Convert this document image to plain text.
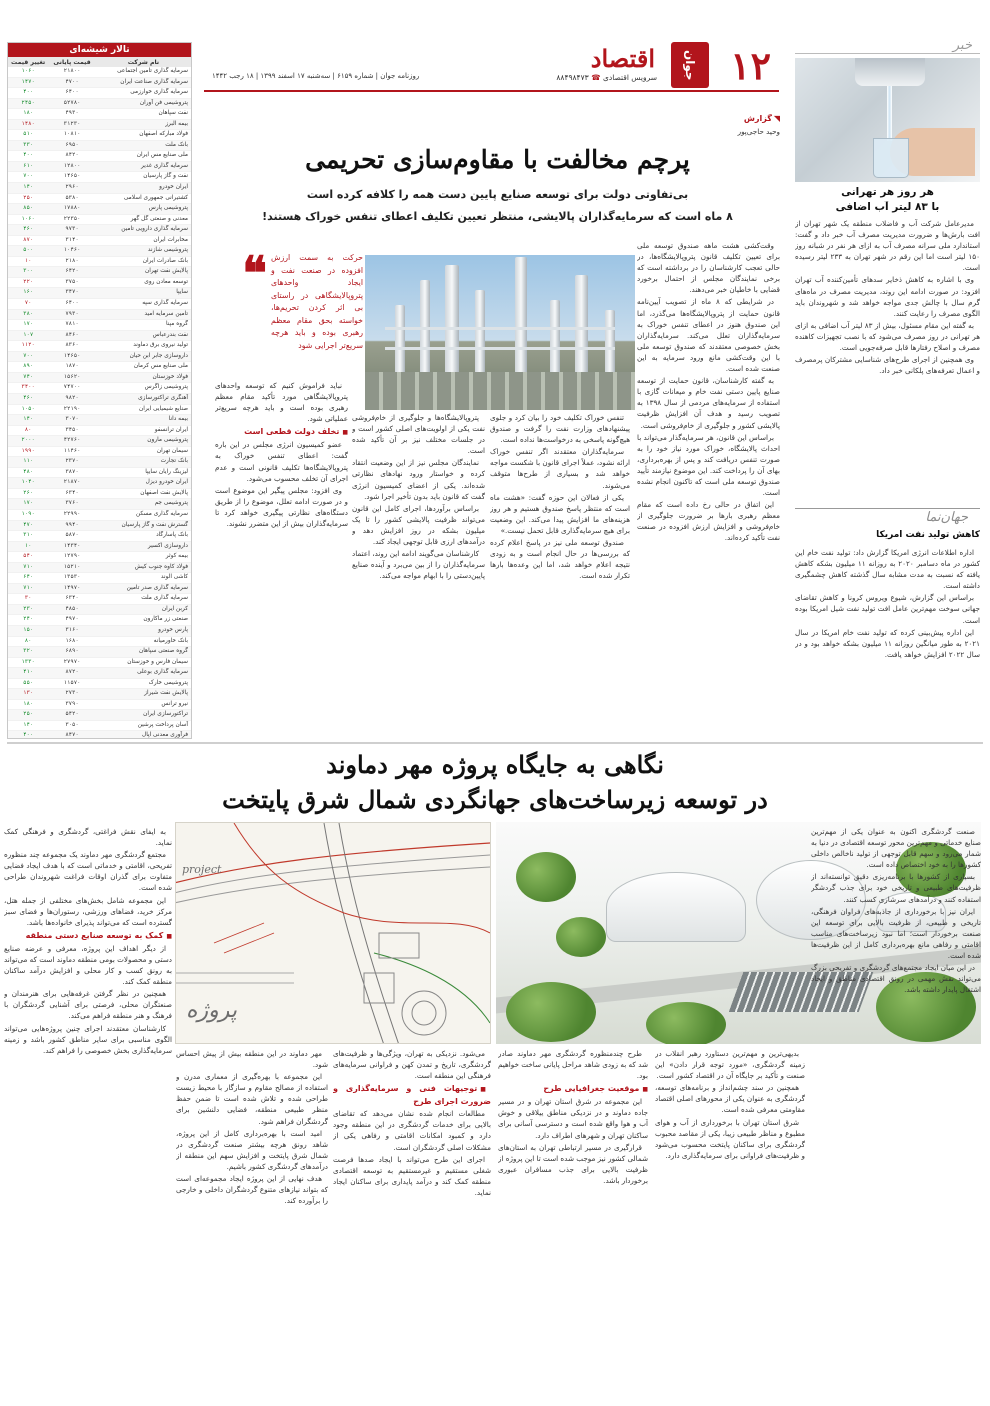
تالار شیشه‌ای
نام شرکت	قیمت پایانی	تغییر قیمت
سرمایه گذاری تامین اجتماعی	۲۱۸۰۰	۱۰۶۰
سرمایه گذاری صناعت ایران	۴۷۰۰	۱۴۷۰
سرمایه گذاری خوارزمی	۶۴۰۰	۴۰۰
پتروشیمی فن آوران	۵۲۷۸۰	۲۴۵۰
نفت سپاهان	۴۹۳۰	۱۸۰
بیمه البرز	۳۱۲۳۰	۱۴۸۰
فولاد مبارکه اصفهان	۱۰۸۱۰	۵۱۰
بانک ملت	۶۹۵۰	۳۳۰
ملی صنایع مس ایران	۸۴۲۰	۴۰۰
سرمایه گذاری غدیر	۱۲۸۰۰	۶۱۰
نفت و گاز پارسیان	۱۴۶۵۰	۷۰۰
ایران خودرو	۲۹۶۰	۱۴۰
کشتیرانی جمهوری اسلامی	۵۳۸۰	۲۵۰
پتروشیمی پارس	۱۷۸۸۰	۸۵۰
معدنی و صنعتی گل گهر	۲۲۳۵۰	۱۰۶۰
سرمایه گذاری دارویی تامین	۹۷۳۰	۴۶۰
مخابرات ایران	۳۱۴۰	۸۷۰
پتروشیمی شازند	۱۰۴۶۰	۵۰۰
بانک صادرات ایران	۲۱۸۰	۱۰
پالایش نفت تهران	۶۴۲۰	۳۰۰
توسعه معادن روی	۳۷۵۰	۲۲۰
سایپا	۳۴۷۰	۱۶۰
سرمایه گذاری سپه	۶۴۰۰	۷۰
تامین سرمایه امید	۷۹۳۰	۳۸۰
گروه مپنا	۷۸۱۰	۱۷۰
نفت بندرعباس	۸۴۶۰	۱۰۷
تولید نیروی برق دماوند	۸۳۶۰	۱۱۲۰
داروسازی جابر ابن حیان	۱۴۶۵۰	۷۰۰
ملی صنایع مس کرمان	۱۸۷۰	۸۹۰
فولاد خوزستان	۱۵۶۲۰	۷۴۰
پتروشیمی زاگرس	۷۴۷۰۰	۳۴۰۰
آهنگری تراکتورسازی	۹۸۲۰	۴۶۰
صنایع شیمیایی ایران	۲۲۱۹۰	۱۰۵۰
بیمه دانا	۳۰۷۰	۱۴۰
ایران ترانسفو	۳۴۵۰	۸۰
پتروشیمی مارون	۴۲۷۶۰	۲۰۰۰
سیمان تهران	۱۱۴۶۰	۱۹۹۰
بانک تجارت	۲۳۷۰	۱۱۰
لیزینگ رایان سایپا	۳۸۷۰	۴۸۰
ایران خودرو دیزل	۲۱۸۷۰	۱۰۴۰
پالایش نفت اصفهان	۶۳۴۰	۲۶۰
پتروشیمی جم	۳۷۶۰	۱۷۰
سرمایه گذاری مسکن	۲۲۹۹۰	۱۰۹۰
گسترش نفت و گاز پارسیان	۹۹۴۰	۴۷۰
بانک پاسارگاد	۵۸۷۰	۳۱۰
داروسازی اکسیر	۱۴۳۴۰	۱۰
بیمه کوثر	۱۲۷۹۰	۵۴۰
فولاد کاوه جنوب کیش	۱۵۲۱۰	۷۱۰
کاشی الوند	۱۳۵۳۰	۶۴۰
سرمایه گذاری صدر تامین	۱۴۹۷۰	۷۱۰
سرمایه گذاری ملت	۶۳۴۰	۳۰
کربن ایران	۴۸۵۰	۲۳۰
صنعتی زر ماکارون	۴۹۷۰	۲۴۰
پارس خودرو	۳۱۶۰	۱۵۰
بانک خاورمیانه	۱۶۸۰	۸۰
گروه صنعتی سپاهان	۶۸۹۰	۳۲۰
سیمان فارس و خوزستان	۲۷۹۷۰	۱۳۳۰
سرمایه گذاری بوعلی	۸۷۲۰	۴۱۰
پتروشیمی خارک	۱۱۵۷۰	۵۵۰
پالایش نفت شیراز	۲۷۳۰	۱۳۰
نیرو ترانس	۳۷۹۰	۱۸۰
تراکتورسازی ایران	۵۴۲۰	۲۵۰
آسان پرداخت پرشین	۳۰۵۰	۱۴۰
فرآوری معدنی اپال	۸۴۷۰	۴۰۰

۱۲
جوان
اقتصاد
سرویس اقتصادی ☎ ۸۸۴۹۸۴۷۳
روزنامه جوان | شماره ۶۱۵۹ | سه‌شنبه ۱۷ اسفند ۱۳۹۹ | ۱۸ رجب ۱۴۴۲
◥ گزارش
وحید حاجی‌پور
پرچم مخالفت با مقاوم‌سازی تحریمی
بی‌تفاوتی دولت برای توسعه صنایع پایین دست همه را کلافه کرده است
۸ ماه است که سرمایه‌گذاران پالایشی، منتظر تعیین تکلیف اعطای تنفس خوراک هستند!
❝ حرکت به سمت ارزش افزوده در صنعت نفت و ایجاد واحدهای پتروپالایشگاهی در راستای بی اثر کردن تحریم‌ها، خواسته بحق مقام معظم رهبری بوده و باید هرچه سریع‌تر اجرایی شود

وقت‌کشی هشت ماهه صندوق توسعه ملی برای تعیین تکلیف قانون پتروپالایشگاه‌ها، در حالی تعجب کارشناسان را در برداشته است که برخی نمایندگان مجلس از احتمال برخورد قضایی با خاطیان خبر می‌دهند.

در شرایطی که ۸ ماه از تصویب آیین‌نامه قانون حمایت از پتروپالایشگاه‌ها می‌گذرد، اما این صندوق هنوز در اعطای تنفس خوراک به سرمایه‌گذاران تعلل می‌کند. سرمایه‌گذاران بخش خصوصی معتقدند که صندوق توسعه ملی با این وقت‌کشی مانع ورود سرمایه به این صنعت شده است.

به گفته کارشناسان، قانون حمایت از توسعه صنایع پایین دستی نفت خام و میعانات گازی با استفاده از سرمایه‌های مردمی از سال ۱۳۹۸ به تصویب رسید و هدف آن افزایش ظرفیت پالایشی کشور و جلوگیری از خام‌فروشی است.

براساس این قانون، هر سرمایه‌گذار می‌تواند با احداث پالایشگاه، خوراک مورد نیاز خود را به صورت تنفس دریافت کند و پس از بهره‌برداری، بهای آن را پرداخت کند. این موضوع نیازمند تأیید صندوق توسعه ملی است که تاکنون انجام نشده است.

این اتفاق در حالی رخ داده است که مقام معظم رهبری بارها بر ضرورت جلوگیری از خام‌فروشی و افزایش ارزش افزوده در صنعت نفت تأکید کرده‌اند.

تنفس خوراک تکلیف خود را بیان کرد و جلوی پیشنهادهای وزارت نفت را گرفت و صندوق هیچ‌گونه پاسخی به درخواست‌ها نداده است.

سرمایه‌گذاران معتقدند اگر تنفس خوراک ارائه نشود، عملاً اجرای قانون با شکست مواجه خواهد شد و بسیاری از طرح‌ها متوقف می‌شوند.

یکی از فعالان این حوزه گفت: «هشت ماه است که منتظر پاسخ صندوق هستیم و هر روز هزینه‌های ما افزایش پیدا می‌کند. این وضعیت برای هیچ سرمایه‌گذاری قابل تحمل نیست.»

صندوق توسعه ملی نیز در پاسخ اعلام کرده که بررسی‌ها در حال انجام است و به زودی نتیجه اعلام خواهد شد، اما این وعده‌ها بارها تکرار شده است.

پتروپالایشگاه‌ها و جلوگیری از خام‌فروشی نفت یکی از اولویت‌های اصلی کشور است و در جلسات مختلف نیز بر آن تأکید شده است.

نمایندگان مجلس نیز از این وضعیت انتقاد کرده و خواستار ورود نهادهای نظارتی شده‌اند. یکی از اعضای کمیسیون انرژی گفت که قانون باید بدون تأخیر اجرا شود.

براساس برآوردها، اجرای کامل این قانون می‌تواند ظرفیت پالایشی کشور را تا یک میلیون بشکه در روز افزایش دهد و درآمدهای ارزی قابل توجهی ایجاد کند.

کارشناسان می‌گویند ادامه این روند، اعتماد سرمایه‌گذاران را از بین می‌برد و آینده صنایع پایین‌دستی را با ابهام مواجه می‌کند.

نباید فراموش کنیم که توسعه واحدهای پتروپالایشگاهی مورد تأکید مقام معظم رهبری بوده است و باید هرچه سریع‌تر عملیاتی شود.

■ تخلف دولت قطعی است

عضو کمیسیون انرژی مجلس در این باره گفت: اعطای تنفس خوراک به پتروپالایشگاه‌ها تکلیف قانونی است و عدم اجرای آن تخلف محسوب می‌شود.

وی افزود: مجلس پیگیر این موضوع است و در صورت ادامه تعلل، موضوع را از طریق دستگاه‌های نظارتی پیگیری خواهد کرد تا سرمایه‌گذاران بیش از این متضرر نشوند.

خبر
هر روز هر تهرانی
با ۸۳ لیتر آب اضافی

مدیرعامل شرکت آب و فاضلاب منطقه یک شهر تهران از افت بارش‌ها و ضرورت مدیریت مصرف آب خبر داد و گفت: استاندارد ملی سرانه مصرف آب به ازای هر نفر در شبانه روز ۱۵۰ لیتر است اما این رقم در شهر تهران به ۲۳۳ لیتر رسیده است.

وی با اشاره به کاهش ذخایر سدهای تأمین‌کننده آب تهران افزود: در صورت ادامه این روند، مدیریت مصرف در ماه‌های گرم سال با چالش جدی مواجه خواهد شد و شهروندان باید الگوی مصرف را رعایت کنند.

به گفته این مقام مسئول، بیش از ۸۳ لیتر آب اضافی به ازای هر تهرانی در روز مصرف می‌شود که با نصب تجهیزات کاهنده مصرف و اصلاح رفتارها قابل صرفه‌جویی است.

وی همچنین از اجرای طرح‌های شناسایی مشترکان پرمصرف و اعمال تعرفه‌های پلکانی خبر داد.

جهان‌نما
کاهش تولید نفت امریکا

اداره اطلاعات انرژی امریکا گزارش داد: تولید نفت خام این کشور در ماه دسامبر ۲۰۲۰ به روزانه ۱۱ میلیون بشکه کاهش یافته که نسبت به مدت مشابه سال گذشته کاهش چشمگیری داشته است.

براساس این گزارش، شیوع ویروس کرونا و کاهش تقاضای جهانی سوخت مهم‌ترین عامل افت تولید نفت شیل امریکا بوده است.

این اداره پیش‌بینی کرده که تولید نفت خام امریکا در سال ۲۰۲۱ به طور میانگین روزانه ۱۱ میلیون بشکه خواهد بود و در سال ۲۰۲۲ افزایش خواهد یافت.

نگاهی به جایگاه پروژه مهر دماوند
در توسعه زیرساخت‌های جهانگردی شمال شرق پایتخت
project
پروژه

صنعت گردشگری اکنون به عنوان یکی از مهم‌ترین صنایع خدماتی و مهم‌ترین محور توسعه اقتصادی در دنیا به شمار می‌رود و سهم قابل توجهی از تولید ناخالص داخلی کشورها را به خود اختصاص داده است.

بسیاری از کشورها با برنامه‌ریزی دقیق توانسته‌اند از ظرفیت‌های طبیعی و تاریخی خود برای جذب گردشگر استفاده کنند و درآمدهای سرشاری کسب کنند.

ایران نیز با برخورداری از جاذبه‌های فراوان فرهنگی، تاریخی و طبیعی، از ظرفیت بالایی برای توسعه این صنعت برخوردار است؛ اما نبود زیرساخت‌های مناسب اقامتی و رفاهی مانع بهره‌برداری کامل از این ظرفیت‌ها شده است.

در این میان ایجاد مجتمع‌های گردشگری و تفریحی بزرگ می‌تواند نقش مهمی در رونق اقتصادی مناطق و ایجاد اشتغال پایدار داشته باشد.

بدیهی‌ترین و مهم‌ترین دستاورد رهبر انقلاب در زمینه گردشگری، «مورد توجه قرار دادن» این صنعت و تأکید بر جایگاه آن در اقتصاد کشور است.

همچنین در سند چشم‌انداز و برنامه‌های توسعه، گردشگری به عنوان یکی از محورهای اصلی اقتصاد مقاومتی معرفی شده است.

شرق استان تهران با برخورداری از آب و هوای مطبوع و مناظر طبیعی زیبا، یکی از مقاصد محبوب گردشگری برای ساکنان پایتخت محسوب می‌شود و ظرفیت‌های فراوانی برای سرمایه‌گذاری دارد.

طرح چندمنظوره گردشگری مهر دماوند صادر شد که به زودی شاهد مراحل پایانی ساخت خواهیم بود.

■ موقعیت جغرافیایی طرح

این مجموعه در شرق استان تهران و در مسیر جاده دماوند و در نزدیکی مناطق ییلاقی و خوش آب و هوا واقع شده است و دسترسی آسانی برای ساکنان تهران و شهرهای اطراف دارد.

قرارگیری در مسیر ارتباطی تهران به استان‌های شمالی کشور نیز موجب شده است تا این پروژه از ظرفیت بالایی برای جذب مسافران عبوری برخوردار باشد.

می‌شود. نزدیکی به تهران، ویژگی‌ها و ظرفیت‌های گردشگری، تاریخ و تمدن کهن و فراوانی سرمایه‌های فرهنگی این منطقه است.

■ توجیهات فنی و سرمایه‌گذاری و ضرورت اجرای طرح

مطالعات انجام شده نشان می‌دهد که تقاضای بالایی برای خدمات گردشگری در این منطقه وجود دارد و کمبود امکانات اقامتی و رفاهی یکی از مشکلات اصلی گردشگران است.

اجرای این طرح می‌تواند با ایجاد صدها فرصت شغلی مستقیم و غیرمستقیم به توسعه اقتصادی منطقه کمک کند و درآمد پایداری برای ساکنان ایجاد نماید.

مهر دماوند در این منطقه بیش از پیش احساس شود.

این مجموعه با بهره‌گیری از معماری مدرن و استفاده از مصالح مقاوم و سازگار با محیط زیست طراحی شده و تلاش شده است تا ضمن حفظ منظر طبیعی منطقه، فضایی دلنشین برای گردشگران فراهم شود.

امید است با بهره‌برداری کامل از این پروژه، شاهد رونق هرچه بیشتر صنعت گردشگری در شمال شرق پایتخت و افزایش سهم این منطقه از درآمدهای گردشگری کشور باشیم.

هدف نهایی از این پروژه ایجاد مجموعه‌ای است که بتواند نیازهای متنوع گردشگران داخلی و خارجی را برآورده کند.

به ایفای نقش فراغتی، گردشگری و فرهنگی کمک نماید.

مجتمع گردشگری مهر دماوند یک مجموعه چند منظوره تفریحی، اقامتی و خدماتی است که با هدف ایجاد فضایی متفاوت برای گذران اوقات فراغت شهروندان طراحی شده است.

این مجموعه شامل بخش‌های مختلفی از جمله هتل، مرکز خرید، فضاهای ورزشی، رستوران‌ها و فضای سبز گسترده است که می‌تواند پذیرای خانواده‌ها باشد.

■ کمک به توسعه صنایع دستی منطقه

از دیگر اهداف این پروژه، معرفی و عرضه صنایع دستی و محصولات بومی منطقه دماوند است که می‌تواند به رونق کسب و کار محلی و افزایش درآمد ساکنان منطقه کمک کند.

همچنین در نظر گرفتن غرفه‌هایی برای هنرمندان و صنعتگران محلی، فرصتی برای آشنایی گردشگران با فرهنگ و هنر منطقه فراهم می‌کند.

کارشناسان معتقدند اجرای چنین پروژه‌هایی می‌تواند الگوی مناسبی برای سایر مناطق کشور باشد و زمینه سرمایه‌گذاری بخش خصوصی را فراهم کند.
